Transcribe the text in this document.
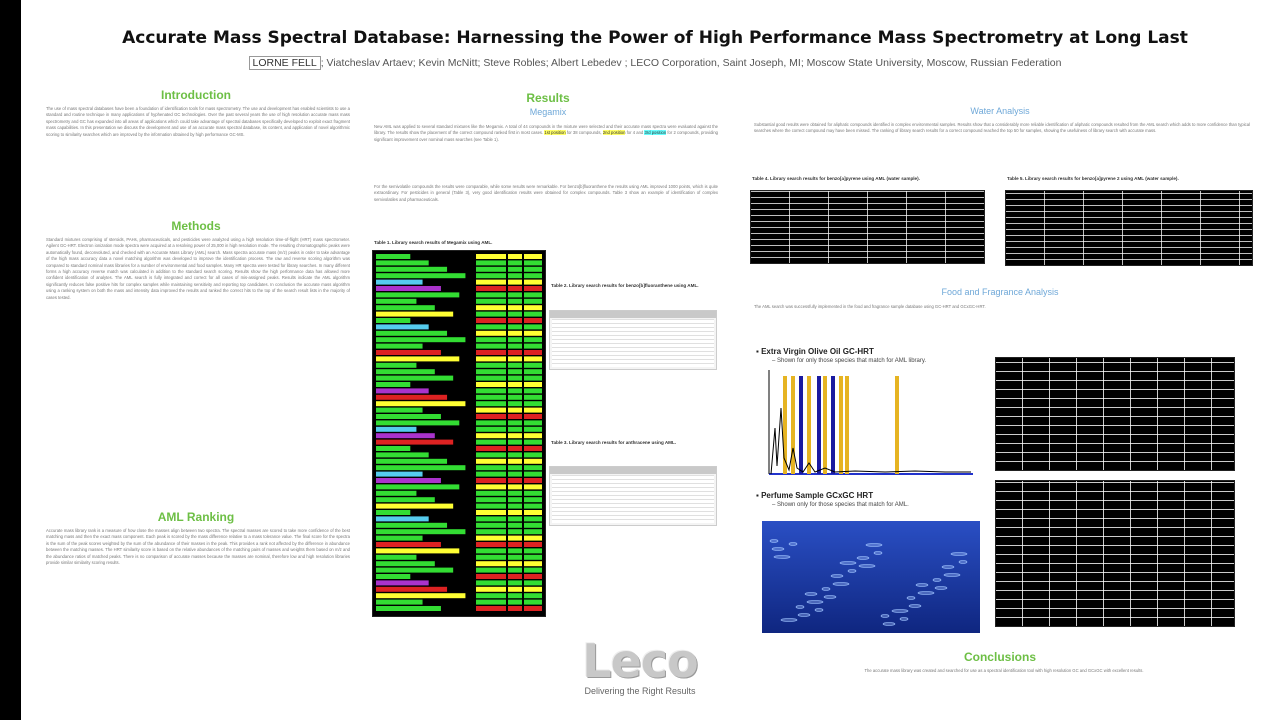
Accurate Mass Spectral Database: Harnessing the Power of High Performance Mass Spectrometry at Long Last
LORNE FELL ; Viatcheslav Artaev; Kevin McNitt; Steve Robles; Albert Lebedev ; LECO Corporation, Saint Joseph, MI; Moscow State University, Moscow, Russian Federation
Introduction
The use of mass spectral databases have been a foundation of identification tools for mass spectrometry. The use and development has enabled scientists to use a standard and routine technique in many applications of hyphenated GC technologies. Over the past several years the use of high resolution accurate mass mass spectrometry and GC has expanded into all areas of applications which could take advantage of spectral databases specifically developed to exploit exact fragment mass capabilities. In this presentation we discuss the development and use of an accurate mass spectral database, its content, and application of novel algorithmic scoring to similarity searches which are improved by the information obtained by high performance GC-MS.
Methods
Standard mixtures comprising of steroids, PAHs, pharmaceuticals, and pesticides were analyzed using a high resolution time-of-flight (HRT) mass spectrometer. Agilent GC-HRT. Electron ionization mode spectra were acquired at a resolving power of 25,000 in high resolution mode. The resulting chromatographic peaks were automatically found, deconvoluted, and checked with an Accurate Mass Library (AML) search. Mass spectra accurate mass (m/z) peaks in order to take advantage of the high mass accuracy data a novel matching algorithm was developed to improve the identification process. The raw and reverse scoring algorithm was compared to standard nominal mass libraries for a number of environmental and food samples. Many HR spectra were tested for library searches. In many different forms a high accuracy reverse match was calculated in addition to the standard search scoring. Results show the high performance data has allowed more confident identification of analytes. The AML search is fully integrated and correct for all cases of mis-assigned peaks. Results indicate the AML algorithm significantly reduces false positive hits for complex samples while maintaining sensitivity and reporting top candidates. In conclusion the accurate mass algorithm using a ranking system on both the mass and intensity data improved the results and ranked the correct hits to the top of the search result lists in the majority of cases tested.
AML Ranking
Accurate mass library rank is a measure of how close the masses align between two spectra. The spectral masses are scored to take more confidence of the best matching mass and then the exact mass component. Each peak is scored by the mass difference relative to a mass tolerance value. The final score for the spectra is the sum of the peak scores weighted by the sum of the abundance of their masses in the peak. This provides a rank not affected by the difference in abundance between the matching masses. The HRT similarity score is based on the relative abundances of the matching pairs of masses and weights them based on m/z and the abundance ratios of matched peaks. There is no comparison of accurate masses because the masses are nominal, therefore low and high resolution libraries provide similar similarity scoring results.
Results
Megamix
New AML was applied to several standard mixtures like the Megamix. A total of 44 compounds in the mixture were selected and their accurate mass spectra were evaluated against the library. The results show the placement of the correct compound ranked first in most cases. 1st position for 38 compounds, 2nd position for 4 and 3rd position for 2 compounds, providing significant improvement over nominal mass searches (see Table 1).
For the semivolatile compounds the results were comparable, while some results were remarkable. For benzo[b]fluoranthene the results using AML improved 1000 points, which is quite extraordinary. For pesticides in general (Table 3), very good identification results were obtained for complex compounds. Table 3 show an example of identification of complex semivolatiles and pharmaceuticals.
Table 1. Library search results of Megamix using AML.
Table 2. Library search results for benzo[b]fluoranthene using AML.
Table 3. Library search results for anthracene using AML.
Leco
Delivering the Right Results
Water Analysis
Substantial good results were obtained for aliphatic compounds identified in complex environmental samples. Results show that a considerably more reliable identification of aliphatic compounds resulted from the AML search which adds to more confidence than typical searches where the correct compound may have been missed. The ranking of library search results for a correct compound reached the top 50 for samples, showing the usefulness of library search with accurate mass.
Table 4. Library search results for benzo[a]pyrene using AML (water sample).	Table 5. Library search results for benzo[a]pyrene 2 using AML (water sample).
Food and Fragrance Analysis
The AML search was successfully implemented in the food and fragrance sample database using GC-HRT and GCxGC-HRT.
▪ Extra Virgin Olive Oil GC-HRT
– Shown for only those species that match for AML library.
▪ Perfume Sample GCxGC HRT
– Shown only for those species that match for AML.
Conclusions
The accurate mass library was created and searched for use as a spectral identification tool with high resolution GC and GCxGC with excellent results.
